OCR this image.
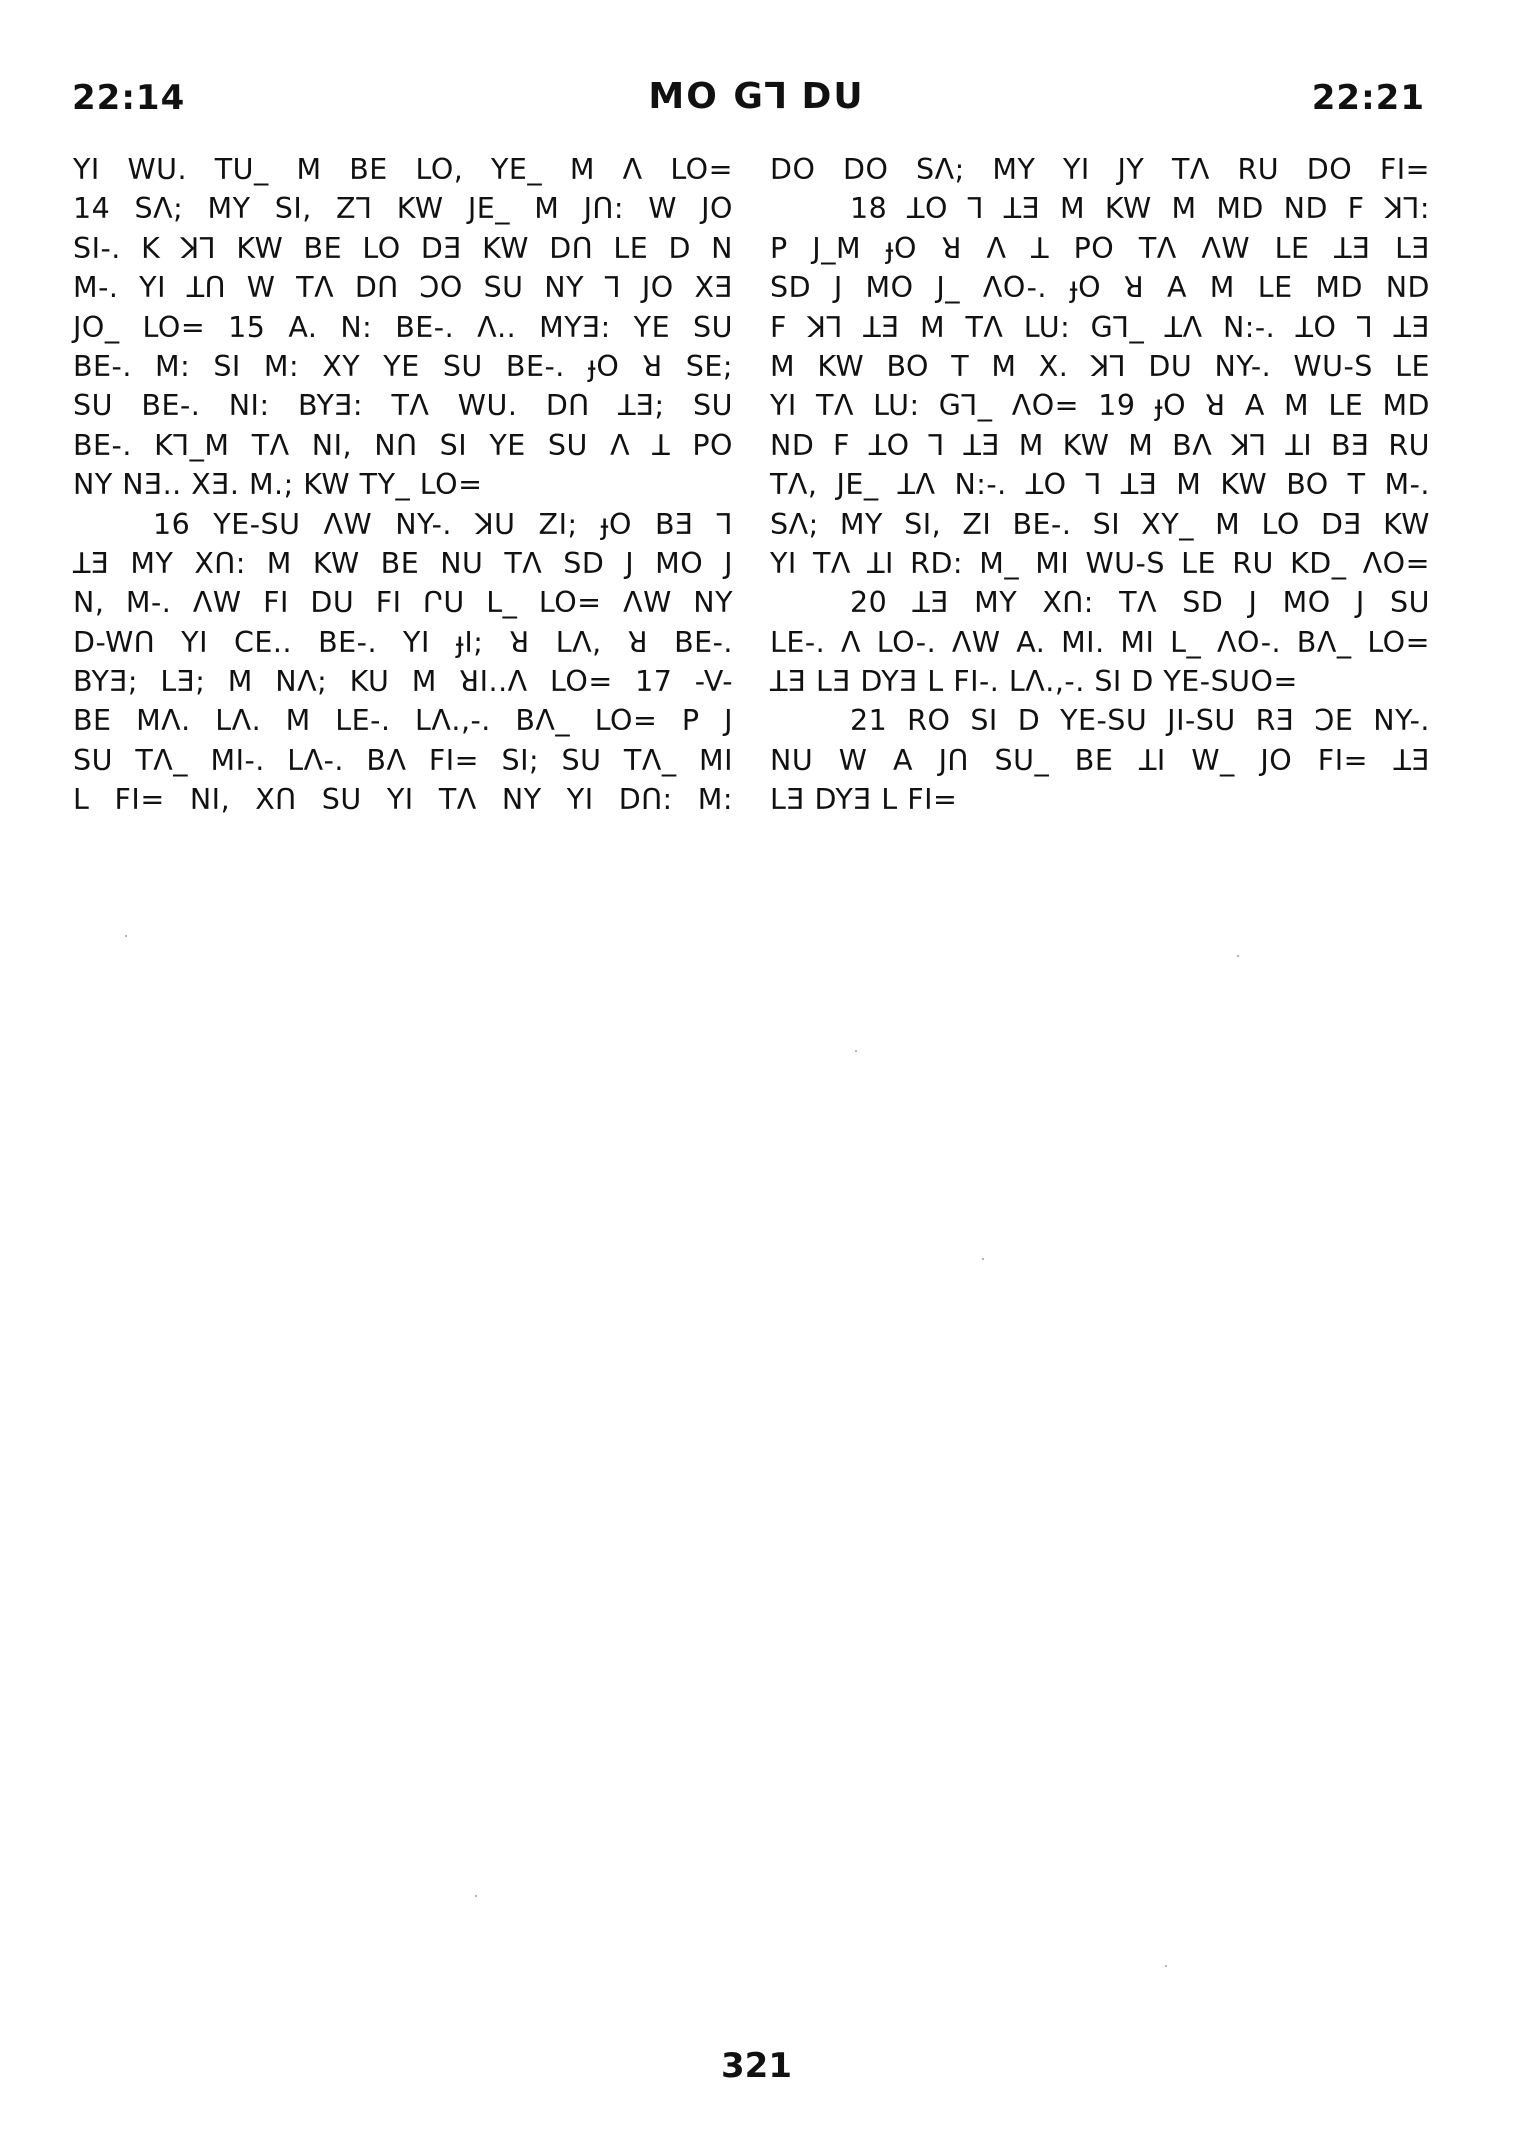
22:14	MO G⅂ DU	22:21
YI WU. TU_ M BE LO, YE_ M Λ LO=
14 SΛ; MY SI, Z⅂ KW JE_ M JՈ: W JO
SI-. K ꓘ⅂ KW BE LO DƎ KW DՈ LE D N
M-. YI ꓕՈ W TΛ DՈ ϽO SU NY ⅂ JO XƎ
JO_ LO= 15 A. N: BE-. Λ.. MYƎ: YE SU
BE-. M: SI M: XY YE SU BE-. ɟO ꓤ SE;
SU BE-. NI: BYƎ: TΛ WU. DՈ ꓕƎ; SU
BE-. K⅂_M TΛ NI, NՈ SI YE SU Λ ꓕ PO
NY NƎ.. XƎ. M.; KW TY_ LO=
16 YE-SU ΛW NY-. ꓘU ZI; ɟO BƎ ⅂
ꓕƎ MY XՈ: M KW BE NU TΛ SD J MO J
N, M-. ΛW FI DU FI ՐU L_ LO= ΛW NY
D-WՈ YI CE.. BE-. YI ɟI; ꓤ LΛ, ꓤ BE-.
BYƎ; LƎ; M NΛ; KU M ꓤI..Λ LO= 17 -V-
BE MΛ. LΛ. M LE-. LΛ.,-. BΛ_ LO= P J
SU TΛ_ MI-. LΛ-. BΛ FI= SI; SU TΛ_ MI
L FI= NI, XՈ SU YI TΛ NY YI DՈ: M:
DO DO SΛ; MY YI JY TΛ RU DO FI=
18 ꓕO ⅂ ꓕƎ M KW M MD ND F ꓘ⅂:
P J_M ɟO ꓤ Λ ꓕ PO TΛ ΛW LE ꓕƎ LƎ
SD J MO J_ ΛO-. ɟO ꓤ A M LE MD ND
F ꓘ⅂ ꓕƎ M TΛ LU: G⅂_ ꓕΛ N:-. ꓕO ⅂ ꓕƎ
M KW BO T M X. ꓘ⅂ DU NY-. WU-S LE
YI TΛ LU: G⅂_ ΛO= 19 ɟO ꓤ A M LE MD
ND F ꓕO ⅂ ꓕƎ M KW M BΛ ꓘ⅂ ꓕI BƎ RU
TΛ, JE_ ꓕΛ N:-. ꓕO ⅂ ꓕƎ M KW BO T M-.
SΛ; MY SI, ZI BE-. SI XY_ M LO DƎ KW
YI TΛ ꓕI RD: M_ MI WU-S LE RU KD_ ΛO=
20 ꓕƎ MY XՈ: TΛ SD J MO J SU
LE-. Λ LO-. ΛW A. MI. MI L_ ΛO-. BΛ_ LO=
ꓕƎ LƎ DYƎ L FI-. LΛ.,-. SI D YE-SUO=
21 RO SI D YE-SU JI-SU RƎ ϽE NY-.
NU W A JՈ SU_ BE ꓕI W_ JO FI= ꓕƎ
LƎ DYƎ L FI=
321
